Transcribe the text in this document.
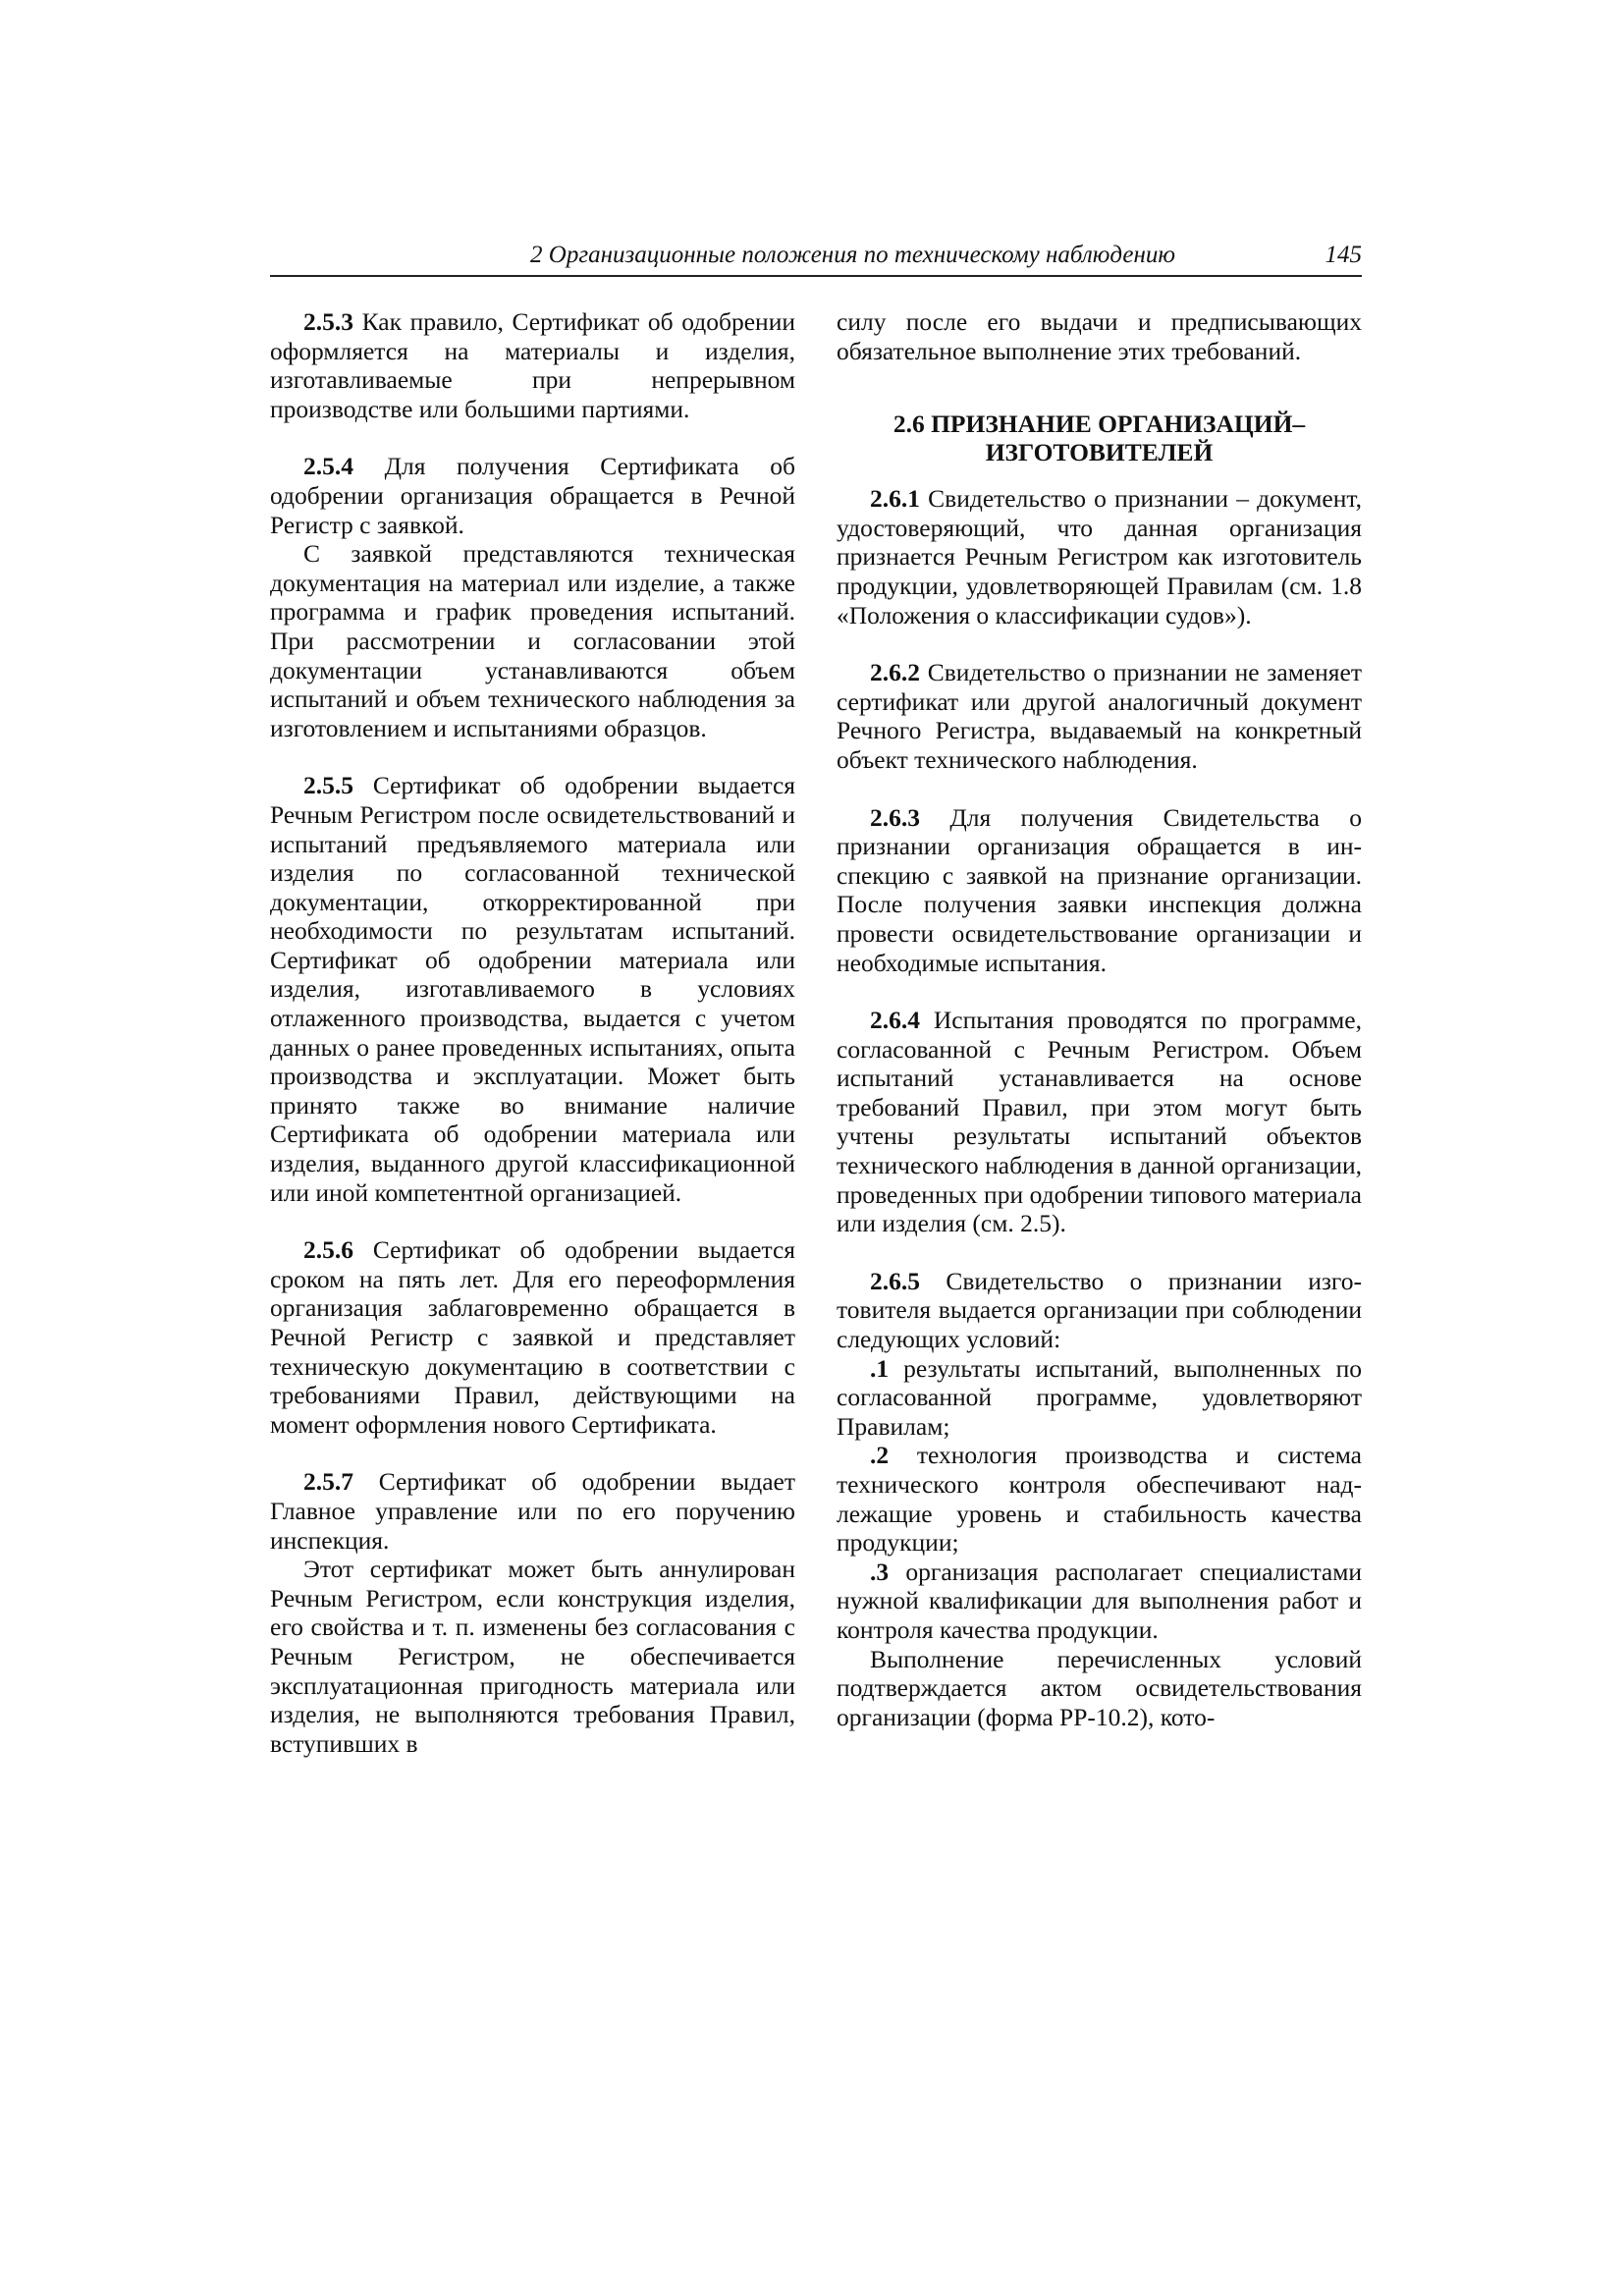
2 Организационные положения по техническому наблюдению	145

2.5.3 Как правило, Сертификат об одобрении оформляется на материалы и изделия, изготавливаемые при непрерывном производстве или большими партиями.

2.5.4 Для получения Сертификата об одобрении организация обращается в Речной Регистр с заявкой.

С заявкой представляются техническая документация на материал или изделие, а также программа и график проведения испытаний. При рассмотрении и согласовании этой документации устанавливаются объем испытаний и объем технического наблюдения за изготовлением и испытаниями образцов.

2.5.5 Сертификат об одобрении выдается Речным Регистром после освидетельствований и испытаний предъявляемого материала или изделия по согласованной технической документации, откорректированной при необходимости по результатам испытаний. Сертификат об одобрении материала или изделия, изготавливаемого в условиях отлаженного производства, выдается с учетом данных о ранее проведенных испытаниях, опыта производства и эксплуатации. Может быть принято также во внимание наличие Сертификата об одобрении материала или изделия, выданного другой классификационной или иной компетентной организацией.

2.5.6 Сертификат об одобрении выдается сроком на пять лет. Для его переоформления организация заблаговременно обращается в Речной Регистр с заявкой и представляет техническую документацию в соответствии с требованиями Правил, действующими на момент оформления нового Сертификата.

2.5.7 Сертификат об одобрении выдает Главное управление или по его поручению инспекция.

Этот сертификат может быть аннулирован Речным Регистром, если конструкция изделия, его свойства и т. п. изменены без согласования с Речным Регистром, не обеспечивается эксплуатационная пригодность материала или изделия, не выполняются требования Правил, вступивших в

силу после его выдачи и предписывающих обязательное выполнение этих требований.

2.6 ПРИЗНАНИЕ ОРГАНИЗАЦИЙ–
ИЗГОТОВИТЕЛЕЙ

2.6.1 Свидетельство о признании – документ, удостоверяющий, что данная организация признается Речным Регистром как изготовитель продукции, удовлетворяющей Правилам (см. 1.8 «Положения о классификации судов»).

2.6.2 Свидетельство о признании не заменяет сертификат или другой аналогичный документ Речного Регистра, выдаваемый на конкретный объект технического наблюдения.

2.6.3 Для получения Свидетельства о признании организация обращается в инспекцию с заявкой на признание организации. После получения заявки инспекция должна провести освидетельствование организации и необходимые испытания.

2.6.4 Испытания проводятся по программе, согласованной с Речным Регистром. Объем испытаний устанавливается на основе требований Правил, при этом могут быть учтены результаты испытаний объектов технического наблюдения в данной организации, проведенных при одобрении типового материала или изделия (см. 2.5).

2.6.5 Свидетельство о признании изготовителя выдается организации при соблюдении следующих условий:

.1 результаты испытаний, выполненных по согласованной программе, удовлетворяют Правилам;

.2 технология производства и система технического контроля обеспечивают надлежащие уровень и стабильность качества продукции;

.3 организация располагает специалистами нужной квалификации для выполнения работ и контроля качества продукции.

Выполнение перечисленных условий подтверждается актом освидетельствования организации (форма РР-10.2), кото-
